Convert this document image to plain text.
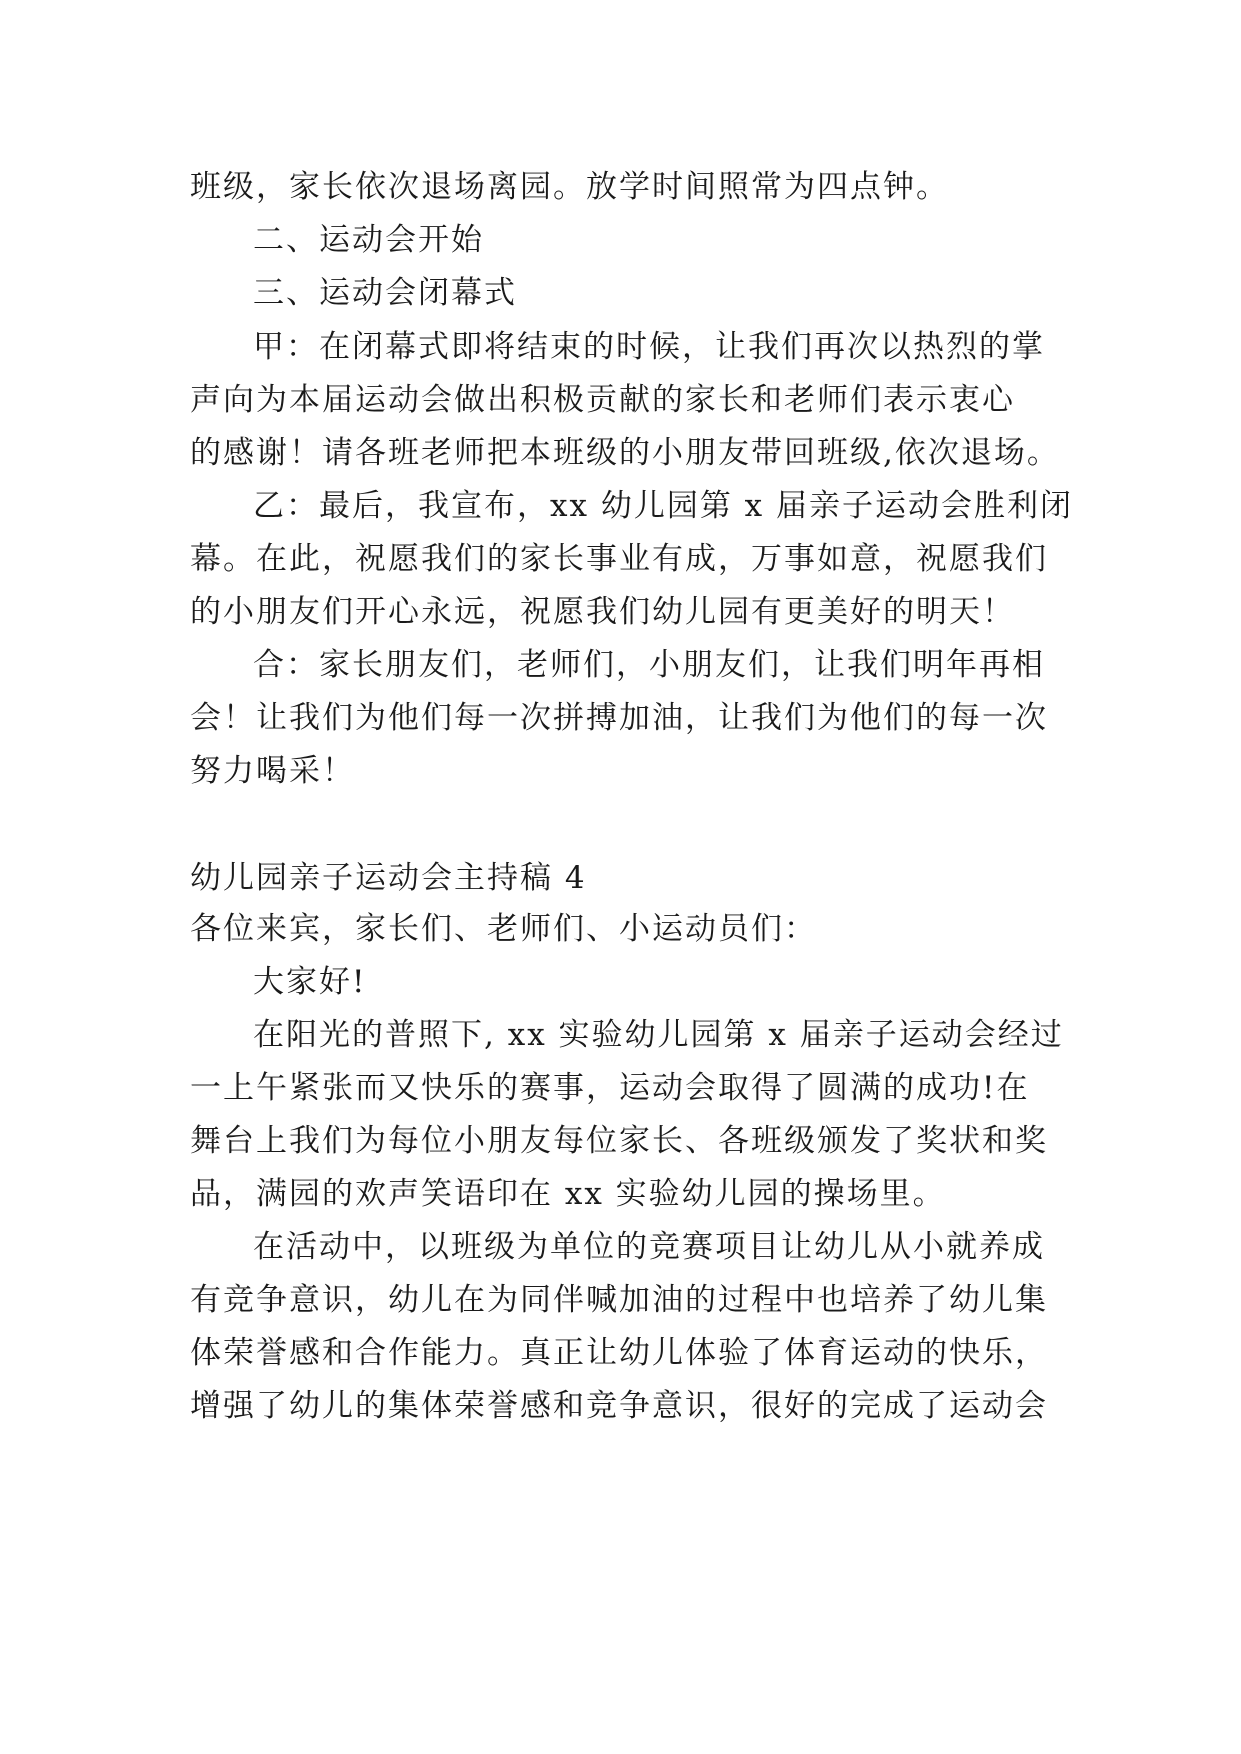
班级，家长依次退场离园。放学时间照常为四点钟。
二、运动会开始
三、运动会闭幕式
甲：在闭幕式即将结束的时候，让我们再次以热烈的掌
声向为本届运动会做出积极贡献的家长和老师们表示衷心
的感谢！请各班老师把本班级的小朋友带回班级,依次退场。
乙：最后，我宣布，xx 幼儿园第 x 届亲子运动会胜利闭
幕。在此，祝愿我们的家长事业有成，万事如意，祝愿我们
的小朋友们开心永远，祝愿我们幼儿园有更美好的明天！
合：家长朋友们，老师们，小朋友们，让我们明年再相
会！让我们为他们每一次拼搏加油，让我们为他们的每一次
努力喝采！
幼儿园亲子运动会主持稿 4
各位来宾，家长们、老师们、小运动员们：
大家好!
在阳光的普照下, xx 实验幼儿园第 x 届亲子运动会经过
一上午紧张而又快乐的赛事，运动会取得了圆满的成功!在
舞台上我们为每位小朋友每位家长、各班级颁发了奖状和奖
品，满园的欢声笑语印在 xx 实验幼儿园的操场里。
在活动中，以班级为单位的竞赛项目让幼儿从小就养成
有竞争意识，幼儿在为同伴喊加油的过程中也培养了幼儿集
体荣誉感和合作能力。真正让幼儿体验了体育运动的快乐，
增强了幼儿的集体荣誉感和竞争意识，很好的完成了运动会
